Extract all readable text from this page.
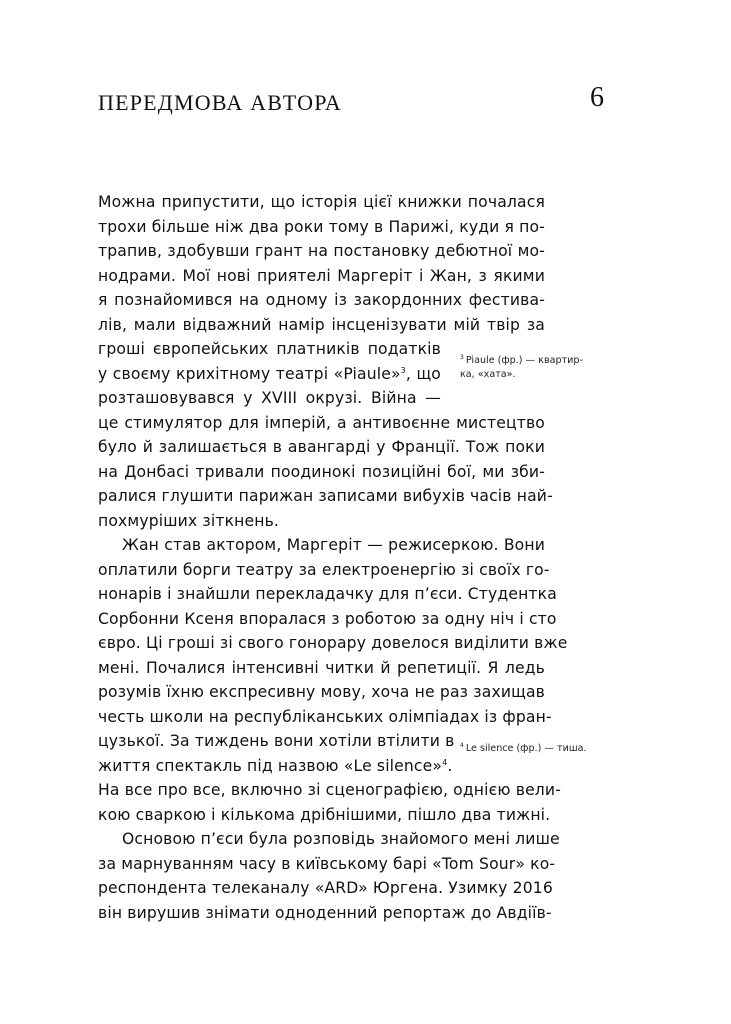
ПЕРЕДМОВА АВТОРА	6
Можна припустити, що історія цієї книжки почалася
трохи більше ніж два роки тому в Парижі, куди я по-
трапив, здобувши грант на постановку дебютної мо-
нодрами. Мої нові приятелі Маргеріт і Жан, з якими
я познайомився на одному із закордонних фестива-
лів, мали відважний намір інсценізувати мій твір за
гроші європейських платників податків
у своєму крихітному театрі «Piaule»$^3$, що
розташовувався у XVIII окрузі. Війна —
це стимулятор для імперій, а антивоєнне мистецтво
було й залишається в авангарді у Франції. Тож поки
на Донбасі тривали поодинокі позиційні бої, ми зби-
ралися глушити парижан записами вибухів часів най-
похмуріших зіткнень.
Жан став актором, Маргеріт — режисеркою. Вони
оплатили борги театру за електроенергію зі своїх го-
нонарів і знайшли перекладачку для п’єси. Студентка
Сорбонни Ксеня впоралася з роботою за одну ніч і сто
євро. Ці гроші зі свого гонорару довелося виділити вже
мені. Почалися інтенсивні читки й репетиції. Я ледь
розумів їхню експресивну мову, хоча не раз захищав
честь школи на республіканських олімпіадах із фран-
цузької. За тиждень вони хотіли втілити в
життя спектакль під назвою «Le silence»$^4$.
На все про все, включно зі сценографією, однією вели-
кою сваркою і кількома дрібнішими, пішло два тижні.
Основою п’єси була розповідь знайомого мені лише
за марнуванням часу в київському барі «Tom Sour» ко-
респондента телеканалу «ARD» Юргена. Узимку 2016
він вирушив знімати одноденний репортаж до Авдіїв-
$^3$ Piaule (фр.) — квартир-
ка, «хата».
$^4$ Le silence (фр.) — тиша.
